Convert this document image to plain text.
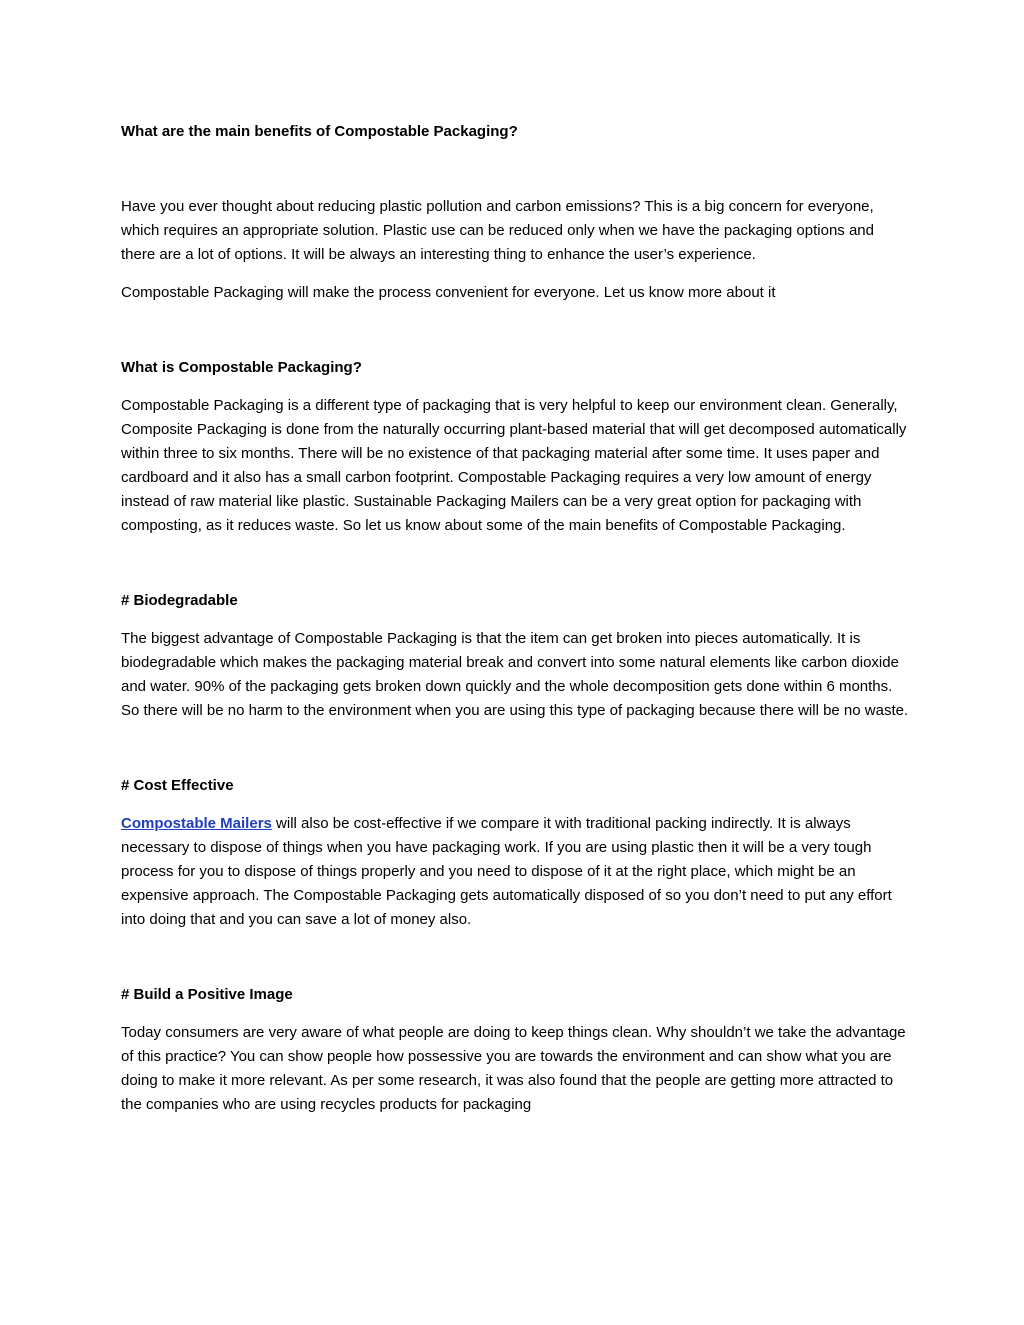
What are the main benefits of Compostable Packaging?

Have you ever thought about reducing plastic pollution and carbon emissions? This is a big concern for everyone, which requires an appropriate solution. Plastic use can be reduced only when we have the packaging options and there are a lot of options. It will be always an interesting thing to enhance the user’s experience.

Compostable Packaging will make the process convenient for everyone. Let us know more about it

What is Compostable Packaging?

Compostable Packaging is a different type of packaging that is very helpful to keep our environment clean. Generally, Composite Packaging is done from the naturally occurring plant-based material that will get decomposed automatically within three to six months. There will be no existence of that packaging material after some time. It uses paper and cardboard and it also has a small carbon footprint. Compostable Packaging requires a very low amount of energy instead of raw material like plastic. Sustainable Packaging Mailers can be a very great option for packaging with composting, as it reduces waste. So let us know about some of the main benefits of Compostable Packaging.

# Biodegradable

The biggest advantage of Compostable Packaging is that the item can get broken into pieces automatically. It is biodegradable which makes the packaging material break and convert into some natural elements like carbon dioxide and water. 90% of the packaging gets broken down quickly and the whole decomposition gets done within 6 months. So there will be no harm to the environment when you are using this type of packaging because there will be no waste.

# Cost Effective

Compostable Mailers will also be cost-effective if we compare it with traditional packing indirectly. It is always necessary to dispose of things when you have packaging work. If you are using plastic then it will be a very tough process for you to dispose of things properly and you need to dispose of it at the right place, which might be an expensive approach. The Compostable Packaging gets automatically disposed of so you don’t need to put any effort into doing that and you can save a lot of money also.

# Build a Positive Image

Today consumers are very aware of what people are doing to keep things clean. Why shouldn’t we take the advantage of this practice? You can show people how possessive you are towards the environment and can show what you are doing to make it more relevant. As per some research, it was also found that the people are getting more attracted to the companies who are using recycles products for packaging
